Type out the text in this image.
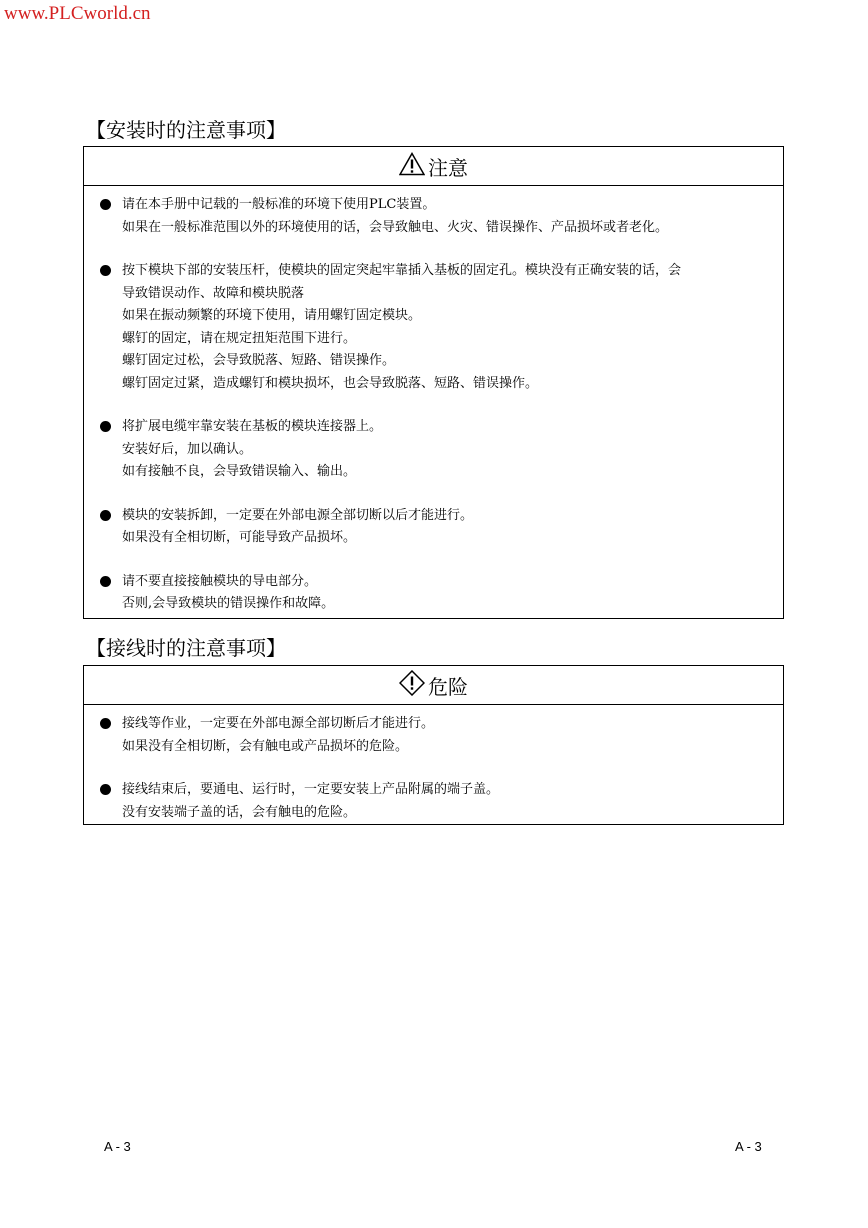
www.PLCworld.cn
【安装时的注意事项】
注意
请在本手册中记载的一般标准的环境下使用PLC装置。
如果在一般标准范围以外的环境使用的话，会导致触电、火灾、错误操作、产品损坏或者老化。
按下模块下部的安装压杆，使模块的固定突起牢靠插入基板的固定孔。模块没有正确安装的话，会
导致错误动作、故障和模块脱落
如果在振动频繁的环境下使用，请用螺钉固定模块。
螺钉的固定，请在规定扭矩范围下进行。
螺钉固定过松，会导致脱落、短路、错误操作。
螺钉固定过紧，造成螺钉和模块损坏，也会导致脱落、短路、错误操作。
将扩展电缆牢靠安装在基板的模块连接器上。
安装好后，加以确认。
如有接触不良，会导致错误输入、输出。
模块的安装拆卸，一定要在外部电源全部切断以后才能进行。
如果没有全相切断，可能导致产品损坏。
请不要直接接触模块的导电部分。
否则,会导致模块的错误操作和故障。
【接线时的注意事项】
危险
接线等作业，一定要在外部电源全部切断后才能进行。
如果没有全相切断，会有触电或产品损坏的危险。
接线结束后，要通电、运行时，一定要安装上产品附属的端子盖。
没有安装端子盖的话，会有触电的危险。
A - 3	A - 3
